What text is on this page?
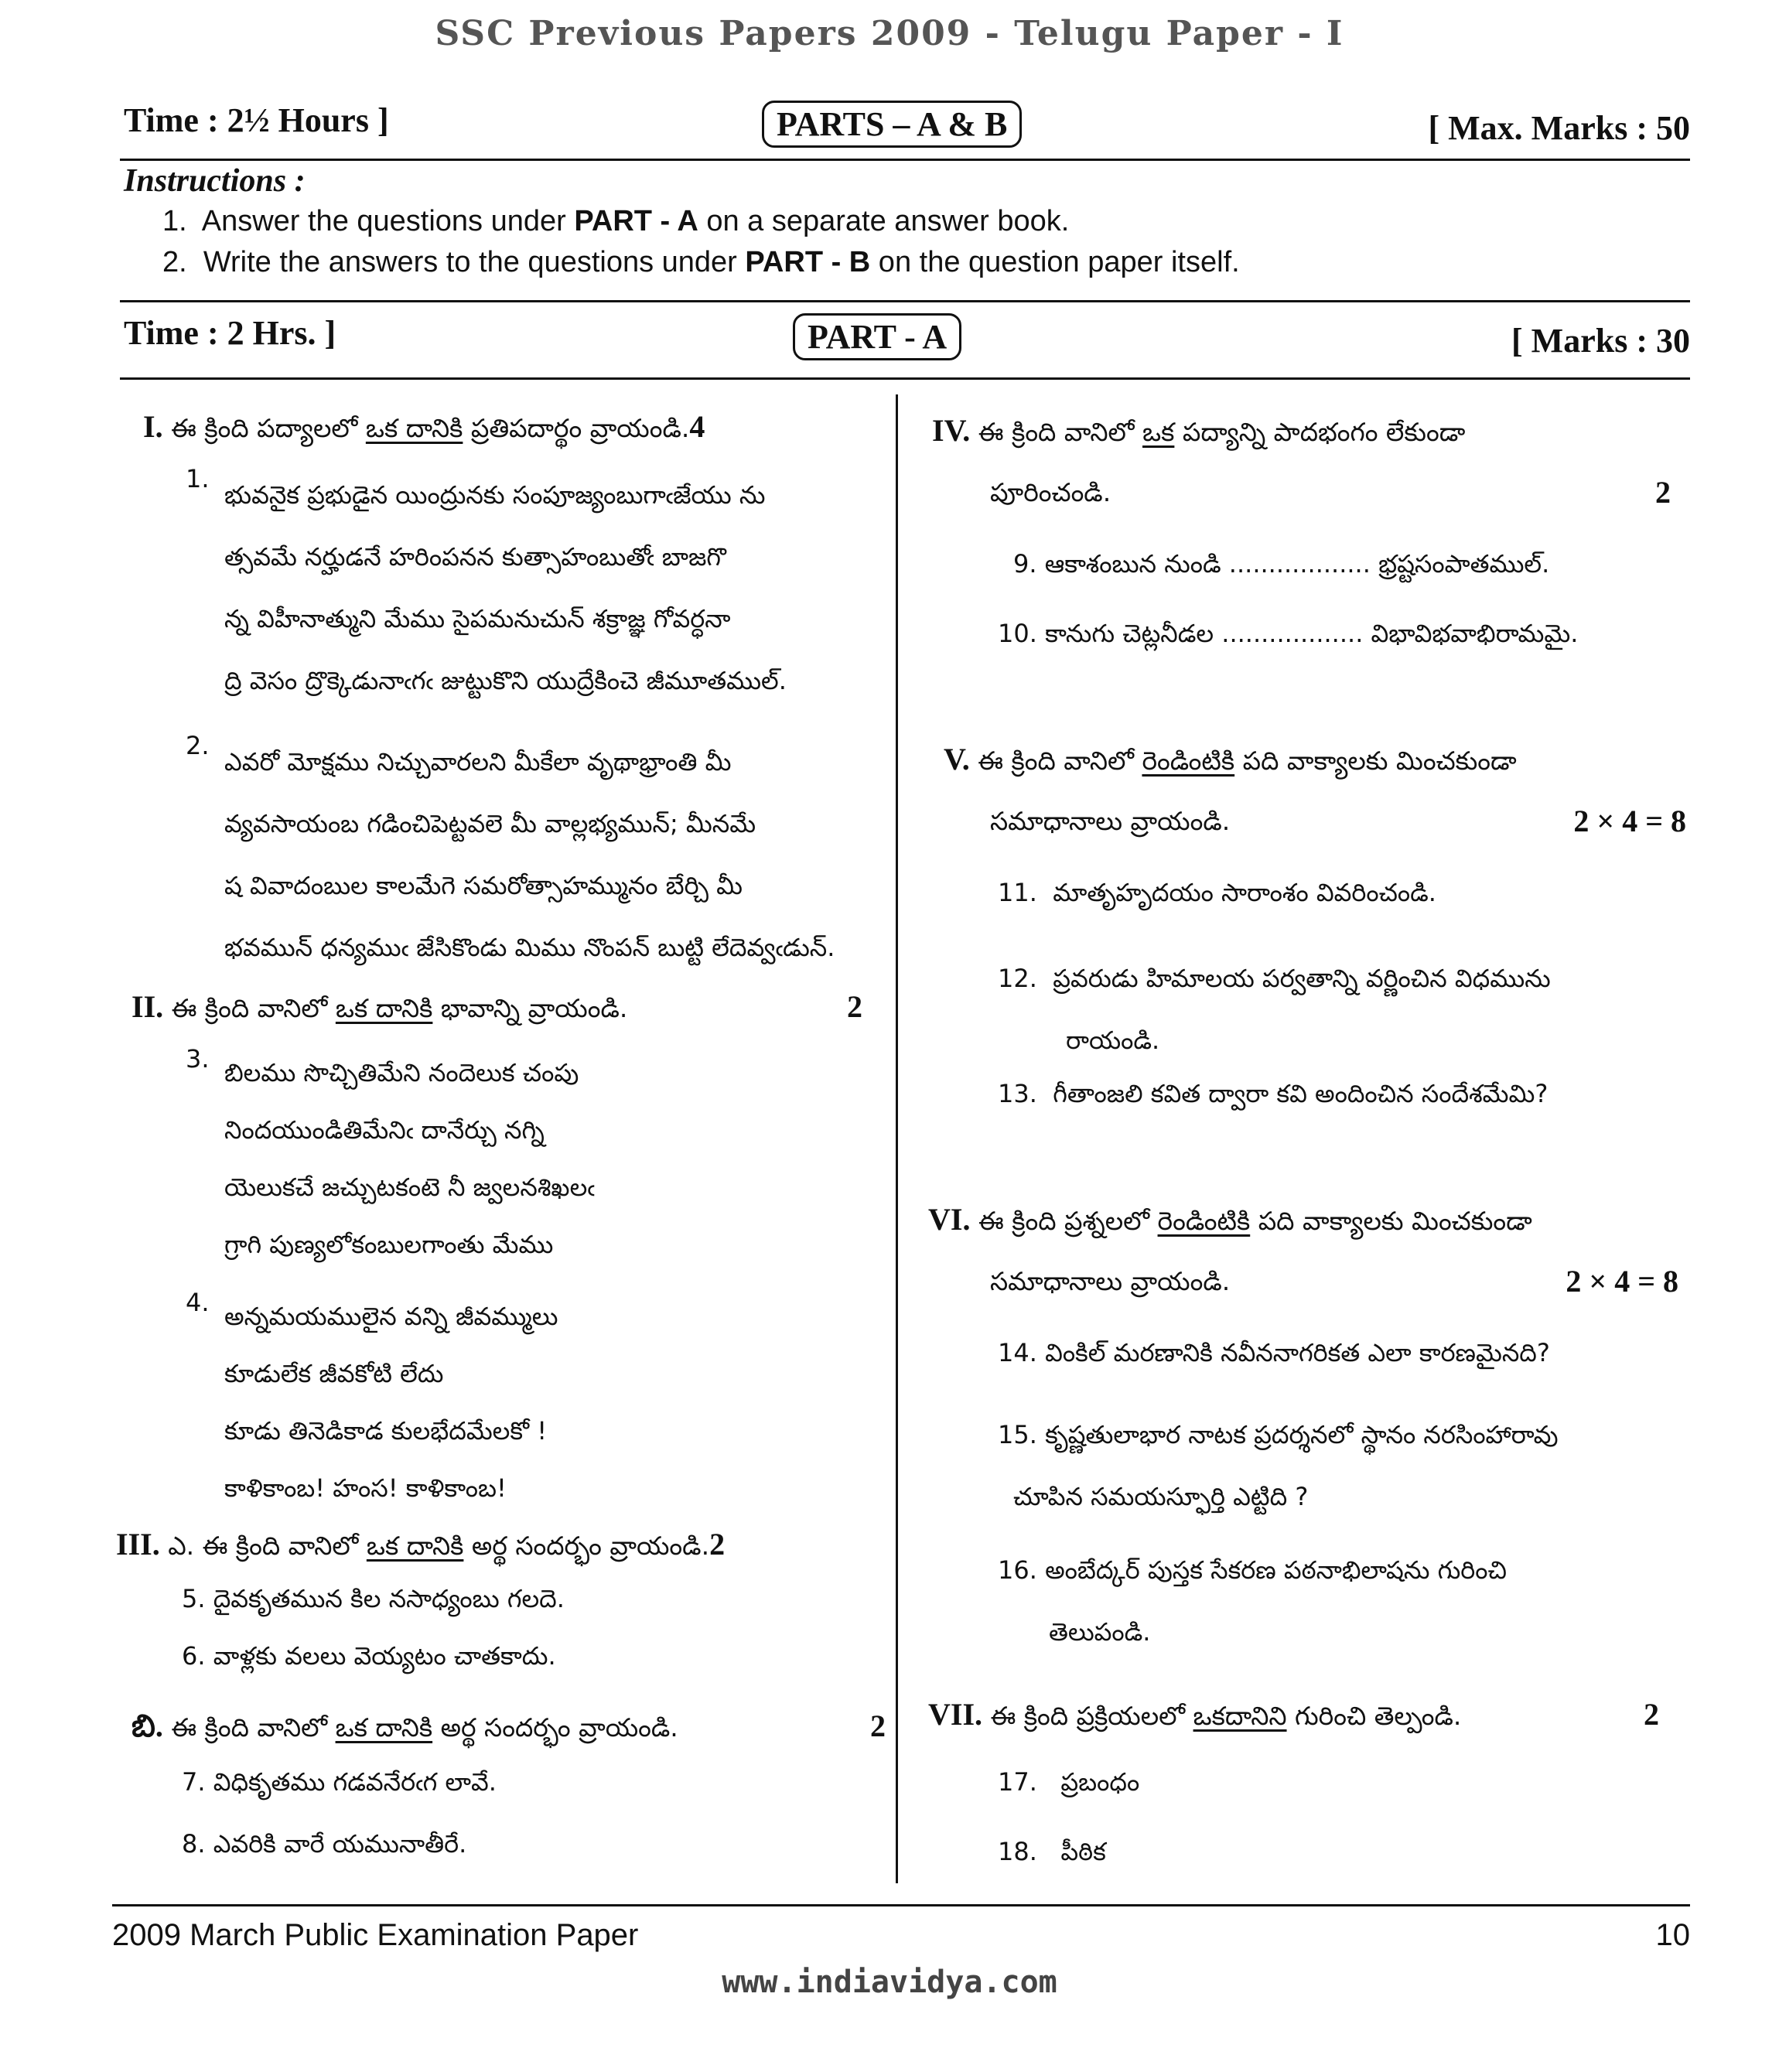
SSC Previous Papers 2009 - Telugu Paper - I
Time : 2½ Hours ]	PARTS – A & B	[ Max. Marks : 50
Instructions :
1. Answer the questions under PART - A on a separate answer book.
2. Write the answers to the questions under PART - B on the question paper itself.
Time : 2 Hrs. ]	PART - A	[ Marks : 30
I. ఈ క్రింది పద్యాలలో ఒక దానికి ప్రతిపదార్థం వ్రాయండి.4
1.
భువనైక ప్రభుడైన యింద్రునకు సంపూజ్యంబుగాఁజేయు ను
త్సవమే నర్హుడనే హరింపనన కుత్సాహంబుతోఁ బాజగొ
న్న విహీనాత్ముని మేము సైపమనుచున్ శక్రాజ్ఞ గోవర్ధనా
ద్రి వెసం ద్రొక్కెడునాఁగఁ జుట్టుకొని యుద్రేకించె జీమూతముల్.
2.
ఎవరో మోక్షము నిచ్చువారలని మీకేలా వృథాభ్రాంతి మీ
వ్యవసాయంబ గడించిపెట్టవలె మీ వాల్లభ్యమున్; మీనమే
ష వివాదంబుల కాలమేగె సమరోత్సాహమ్మునం బేర్చి మీ
భవమున్ ధన్యముఁ జేసికొండు మిము నొంపన్ బుట్టి లేదెవ్వఁడున్.
II. ఈ క్రింది వానిలో ఒక దానికి భావాన్ని వ్రాయండి.	2
3. బిలము సొచ్చితిమేని నందెలుక చంపు
నిందయుండితిమేనిఁ దానేర్చు నగ్ని
యెలుకచే జచ్చుటకంటె నీ జ్వలనశిఖలఁ
గ్రాగి పుణ్యలోకంబులగాంతు మేము
4. అన్నమయములైన వన్ని జీవమ్ములు
కూడులేక జీవకోటి లేదు
కూడు తినెడికాడ కులభేదమేలకో !
కాళికాంబ! హంస! కాళికాంబ!
III. ఎ. ఈ క్రింది వానిలో ఒక దానికి అర్థ సందర్భం వ్రాయండి.2
5. దైవకృతమున కిల నసాధ్యంబు గలదె.
6. వాళ్లకు వలలు వెయ్యటం చాతకాదు.
బి. ఈ క్రింది వానిలో ఒక దానికి అర్థ సందర్భం వ్రాయండి.	2
7. విధికృతము గడవనేరఁగ లావే.
8. ఎవరికి వారే యమునాతీరే.
IV. ఈ క్రింది వానిలో ఒక పద్యాన్ని పాదభంగం లేకుండా
పూరించండి.	2
9. ఆకాశంబున నుండి .................. భ్రష్టసంపాతముల్.
10. కానుగు చెట్లనీడల .................. విభావిభవాభిరామమై.
V. ఈ క్రింది వానిలో రెండింటికి పది వాక్యాలకు మించకుండా
సమాధానాలు వ్రాయండి.	2 × 4 = 8
11. మాతృహృదయం సారాంశం వివరించండి.
12. ప్రవరుడు హిమాలయ పర్వతాన్ని వర్ణించిన విధమును
రాయండి.
13. గీతాంజలి కవిత ద్వారా కవి అందించిన సందేశమేమి?
VI. ఈ క్రింది ప్రశ్నలలో రెండింటికి పది వాక్యాలకు మించకుండా
సమాధానాలు వ్రాయండి.	2 × 4 = 8
14. వింకిల్ మరణానికి నవీననాగరికత ఎలా కారణమైనది?
15. కృష్ణతులాభార నాటక ప్రదర్శనలో స్థానం నరసింహారావు
చూపిన సమయస్ఫూర్తి ఎట్టిది ?
16. అంబేద్కర్ పుస్తక సేకరణ పఠనాభిలాషను గురించి
తెలుపండి.
VII. ఈ క్రింది ప్రక్రియలలో ఒకదానిని గురించి తెల్పండి.	2
17. ప్రబంధం
18. పీఠిక
2009 March Public Examination Paper	10
www.indiavidya.com
